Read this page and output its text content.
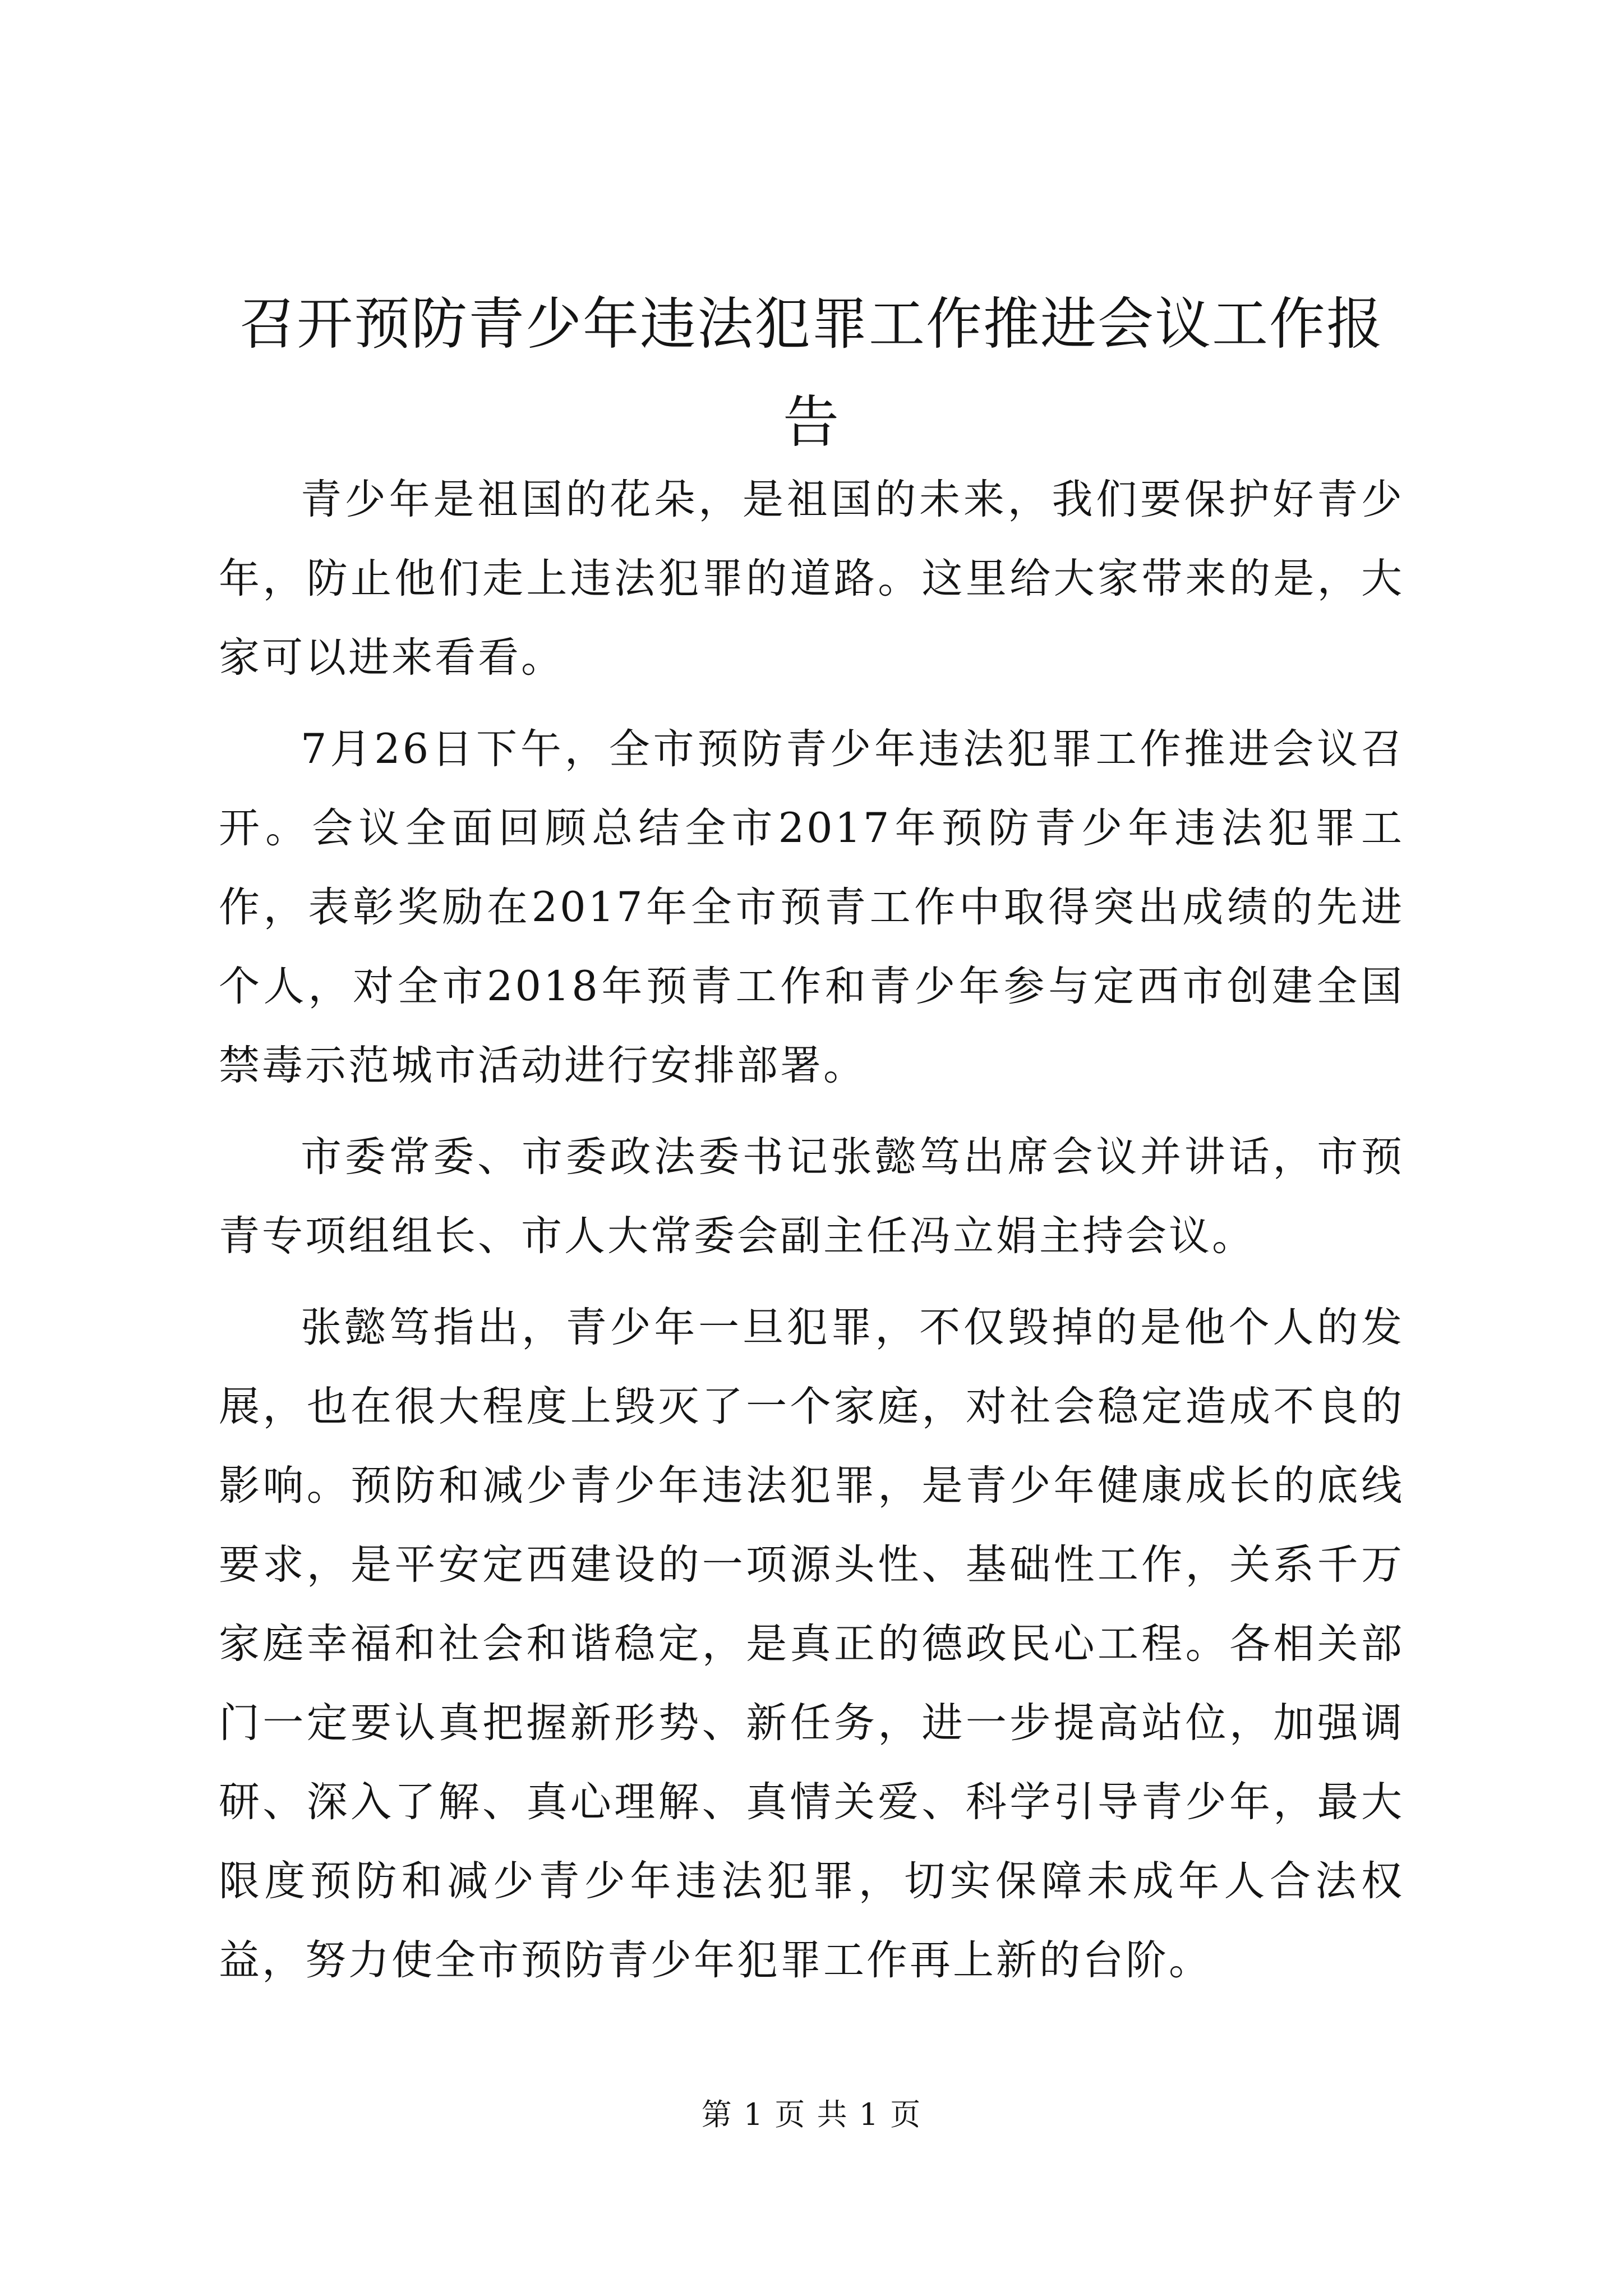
召开预防青少年违法犯罪工作推进会议工作报告

青少年是祖国的花朵，是祖国的未来，我们要保护好青少年，防止他们走上违法犯罪的道路。这里给大家带来的是，大家可以进来看看。

7月26日下午，全市预防青少年违法犯罪工作推进会议召开。会议全面回顾总结全市2017年预防青少年违法犯罪工作，表彰奖励在2017年全市预青工作中取得突出成绩的先进个人，对全市2018年预青工作和青少年参与定西市创建全国禁毒示范城市活动进行安排部署。

市委常委、市委政法委书记张懿笃出席会议并讲话，市预青专项组组长、市人大常委会副主任冯立娟主持会议。

张懿笃指出，青少年一旦犯罪，不仅毁掉的是他个人的发展，也在很大程度上毁灭了一个家庭，对社会稳定造成不良的影响。预防和减少青少年违法犯罪，是青少年健康成长的底线要求，是平安定西建设的一项源头性、基础性工作，关系千万家庭幸福和社会和谐稳定，是真正的德政民心工程。各相关部门一定要认真把握新形势、新任务，进一步提高站位，加强调研、深入了解、真心理解、真情关爱、科学引导青少年，最大限度预防和减少青少年违法犯罪，切实保障未成年人合法权益，努力使全市预防青少年犯罪工作再上新的台阶。

第 1 页 共 1 页
